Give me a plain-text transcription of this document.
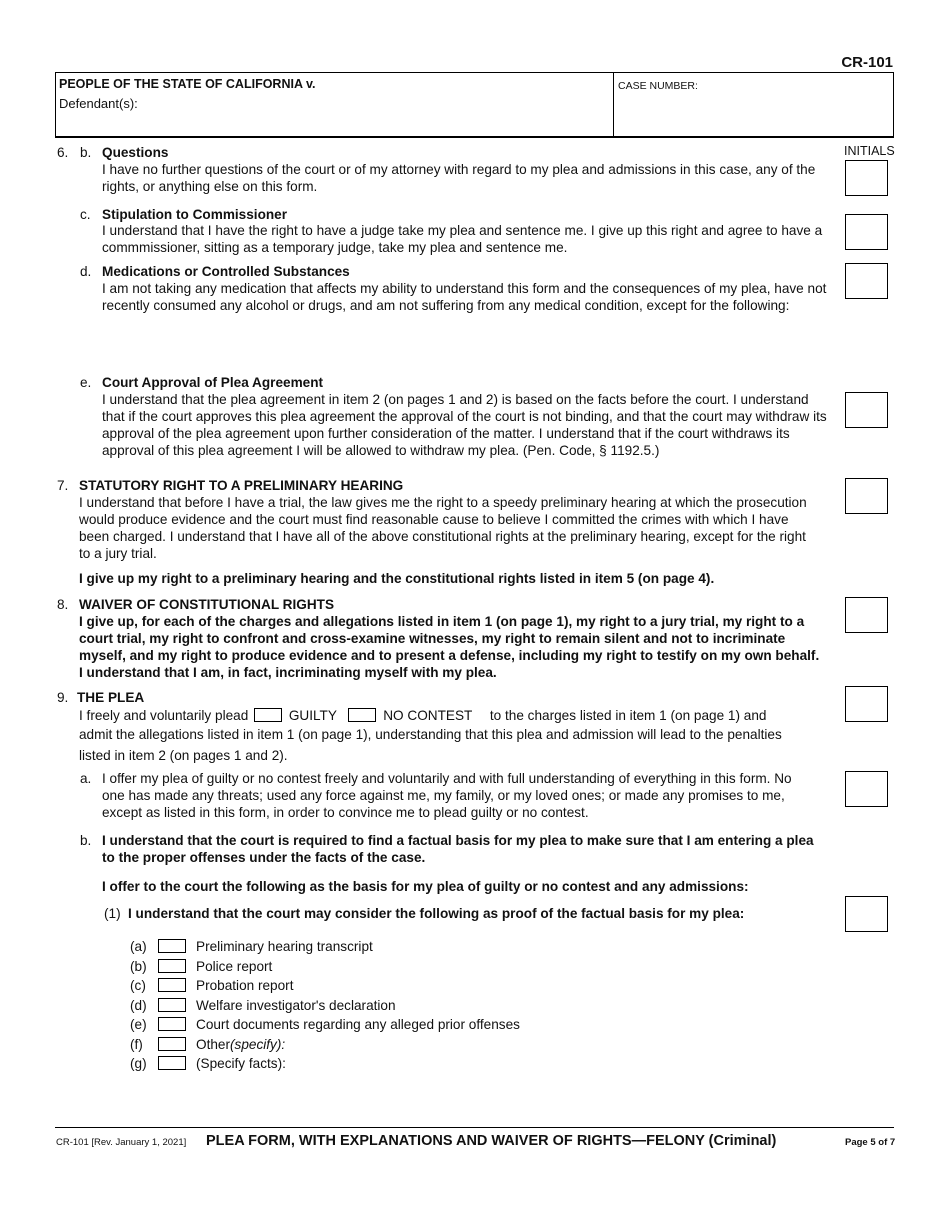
CR-101
PEOPLE OF THE STATE OF CALIFORNIA v.
Defendant(s):
CASE NUMBER:
INITIALS
6. b. Questions

I have no further questions of the court or of my attorney with regard to my plea and admissions in this case, any of the rights, or anything else on this form.

c. Stipulation to Commissioner

I understand that I have the right to have a judge take my plea and sentence me. I give up this right and agree to have a commmissioner, sitting as a temporary judge, take my plea and sentence me.

d. Medications or Controlled Substances

I am not taking any medication that affects my ability to understand this form and the consequences of my plea, have not recently consumed any alcohol or drugs, and am not suffering from any medical condition, except for the following:

e. Court Approval of Plea Agreement

I understand that the plea agreement in item 2 (on pages 1 and 2) is based on the facts before the court. I understand that if the court approves this plea agreement the approval of the court is not binding, and that the court may withdraw its approval of the plea agreement upon further consideration of the matter. I understand that if the court withdraws its approval of this plea agreement I will be allowed to withdraw my plea. (Pen. Code, § 1192.5.)

7. STATUTORY RIGHT TO A PRELIMINARY HEARING

I understand that before I have a trial, the law gives me the right to a speedy preliminary hearing at which the prosecution would produce evidence and the court must find reasonable cause to believe I committed the crimes with which I have been charged. I understand that I have all of the above constitutional rights at the preliminary hearing, except for the right to a jury trial.

I give up my right to a preliminary hearing and the constitutional rights listed in item 5 (on page 4).

8. WAIVER OF CONSTITUTIONAL RIGHTS

I give up, for each of the charges and allegations listed in item 1 (on page 1), my right to a jury trial, my right to a court trial, my right to confront and cross-examine witnesses, my right to remain silent and not to incriminate myself, and my right to produce evidence and to present a defense, including my right to testify on my own behalf. I understand that I am, in fact, incriminating myself with my plea.

9. THE PLEA
I freely and voluntarily plead	GUILTY	NO CONTEST to the charges listed in item 1 (on page 1) and
admit the allegations listed in item 1 (on page 1), understanding that this plea and admission will lead to the penalties
listed in item 2 (on pages 1 and 2).
a. I offer my plea of guilty or no contest freely and voluntarily and with full understanding of everything in this form. No one has made any threats; used any force against me, my family, or my loved ones; or made any promises to me, except as listed in this form, in order to convince me to plead guilty or no contest.

b. I understand that the court is required to find a factual basis for my plea to make sure that I am entering a plea to the proper offenses under the facts of the case.

I offer to the court the following as the basis for my plea of guilty or no contest and any admissions:

(1) I understand that the court may consider the following as proof of the factual basis for my plea:

(a)	Preliminary hearing transcript
(b)	Police report
(c)	Probation report
(d)	Welfare investigator's declaration
(e)	Court documents regarding any alleged prior offenses
(f)	Other(specify):
(g)	(Specify facts):
CR-101 [Rev. January 1, 2021] PLEA FORM, WITH EXPLANATIONS AND WAIVER OF RIGHTS—FELONY (Criminal)	Page 5 of 7
